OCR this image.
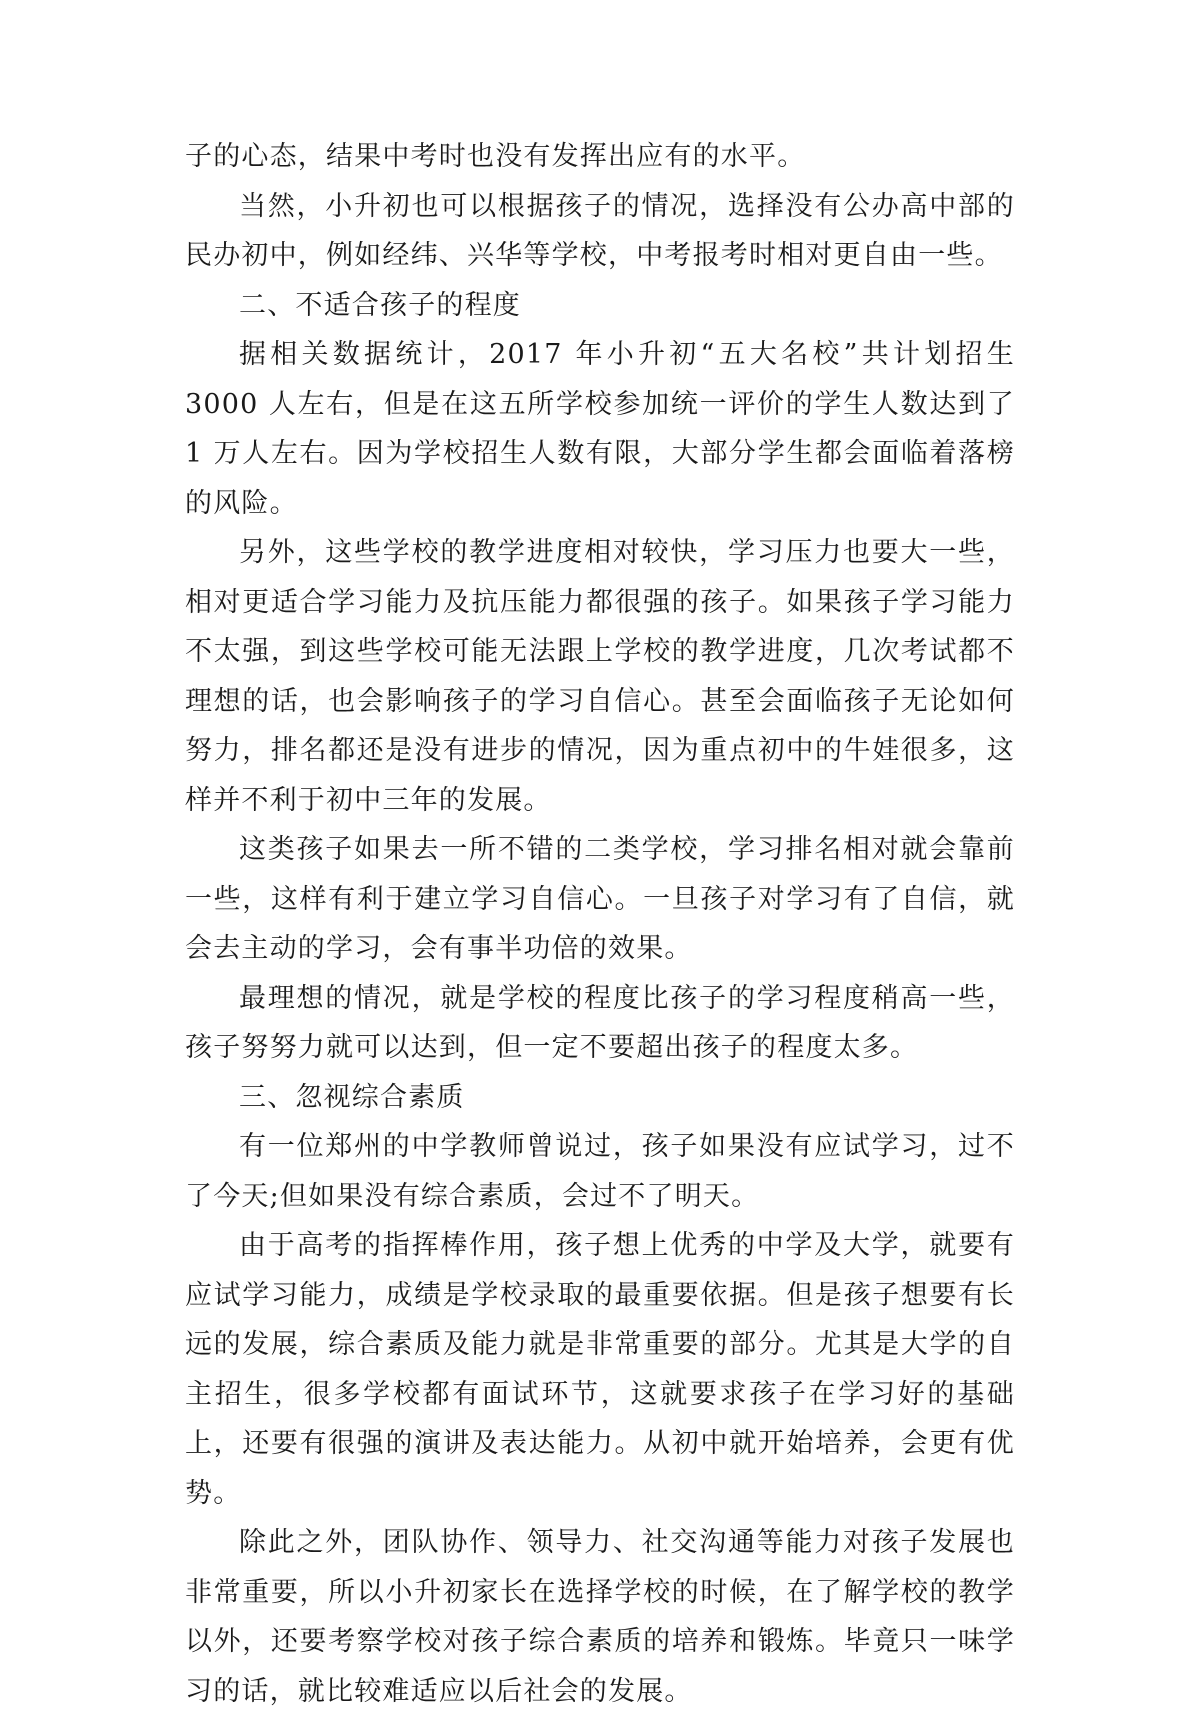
子的心态，结果中考时也没有发挥出应有的水平。

当然，小升初也可以根据孩子的情况，选择没有公办高中部的民办初中，例如经纬、兴华等学校，中考报考时相对更自由一些。

二、不适合孩子的程度

据相关数据统计，2017 年小升初“五大名校”共计划招生 3000 人左右，但是在这五所学校参加统一评价的学生人数达到了 1 万人左右。因为学校招生人数有限，大部分学生都会面临着落榜的风险。

另外，这些学校的教学进度相对较快，学习压力也要大一些，相对更适合学习能力及抗压能力都很强的孩子。如果孩子学习能力不太强，到这些学校可能无法跟上学校的教学进度，几次考试都不理想的话，也会影响孩子的学习自信心。甚至会面临孩子无论如何努力，排名都还是没有进步的情况，因为重点初中的牛娃很多，这样并不利于初中三年的发展。

这类孩子如果去一所不错的二类学校，学习排名相对就会靠前一些，这样有利于建立学习自信心。一旦孩子对学习有了自信，就会去主动的学习，会有事半功倍的效果。

最理想的情况，就是学校的程度比孩子的学习程度稍高一些，孩子努努力就可以达到，但一定不要超出孩子的程度太多。

三、忽视综合素质

有一位郑州的中学教师曾说过，孩子如果没有应试学习，过不了今天;但如果没有综合素质，会过不了明天。

由于高考的指挥棒作用，孩子想上优秀的中学及大学，就要有应试学习能力，成绩是学校录取的最重要依据。但是孩子想要有长远的发展，综合素质及能力就是非常重要的部分。尤其是大学的自主招生，很多学校都有面试环节，这就要求孩子在学习好的基础上，还要有很强的演讲及表达能力。从初中就开始培养，会更有优势。

除此之外，团队协作、领导力、社交沟通等能力对孩子发展也非常重要，所以小升初家长在选择学校的时候，在了解学校的教学以外，还要考察学校对孩子综合素质的培养和锻炼。毕竟只一味学习的话，就比较难适应以后社会的发展。
